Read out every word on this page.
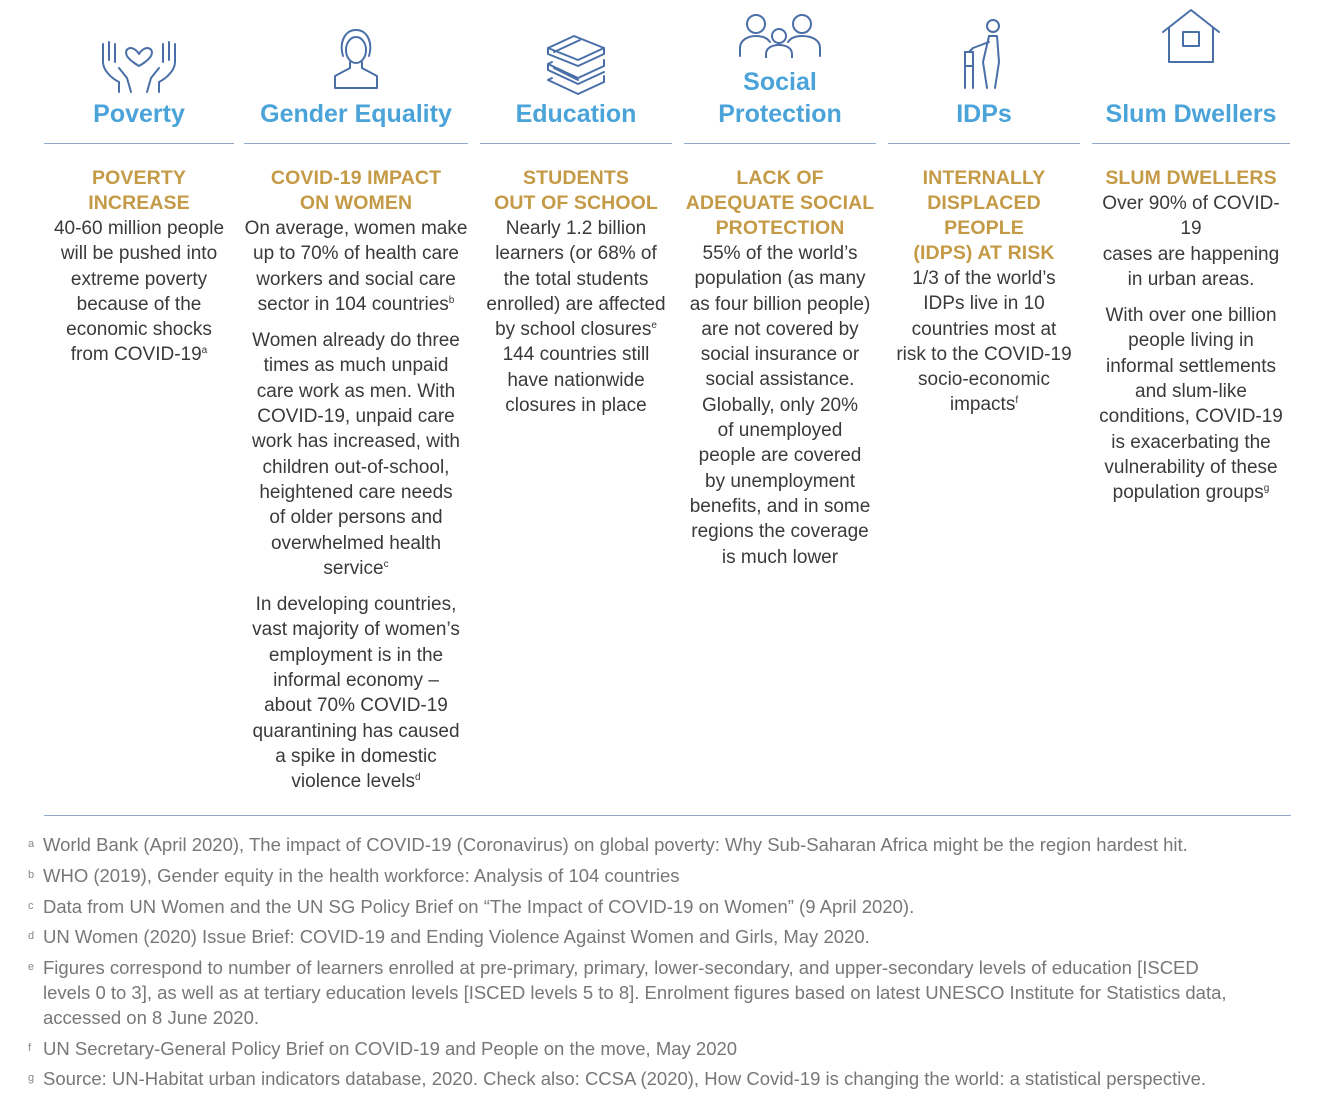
Poverty
POVERTY
INCREASE

40-60 million people
will be pushed into
extreme poverty
because of the
economic shocks
from COVID-19$^a$

Gender Equality
COVID-19 IMPACT
ON WOMEN

On average, women make
up to 70% of health care
workers and social care
sector in 104 countries$^b$

Women already do three
times as much unpaid
care work as men. With
COVID-19, unpaid care
work has increased, with
children out-of-school,
heightened care needs
of older persons and
overwhelmed health
service$^c$

In developing countries,
vast majority of women’s
employment is in the
informal economy –
about 70% COVID-19
quarantining has caused
a spike in domestic
violence levels$^d$

Education
STUDENTS
OUT OF SCHOOL

Nearly 1.2 billion
learners (or 68% of
the total students
enrolled) are affected
by school closures$^e$
144 countries still
have nationwide
closures in place

Social Protection
LACK OF
ADEQUATE SOCIAL
PROTECTION

55% of the world’s
population (as many
as four billion people)
are not covered by
social insurance or
social assistance.
Globally, only 20%
of unemployed
people are covered
by unemployment
benefits, and in some
regions the coverage
is much lower

IDPs
INTERNALLY
DISPLACED PEOPLE
(IDPS) AT RISK

1/3 of the world’s
IDPs live in 10
countries most at
risk to the COVID-19
socio-economic
impacts$^f$

Slum Dwellers
SLUM DWELLERS

Over 90% of COVID-19
cases are happening
in urban areas.

With over one billion
people living in
informal settlements
and slum-like
conditions, COVID-19
is exacerbating the
vulnerability of these
population groups$^g$

a World Bank (April 2020), The impact of COVID-19 (Coronavirus) on global poverty: Why Sub-Saharan Africa might be the region hardest hit.
b WHO (2019), Gender equity in the health workforce: Analysis of 104 countries
c Data from UN Women and the UN SG Policy Brief on “The Impact of COVID-19 on Women” (9 April 2020).
d UN Women (2020) Issue Brief: COVID-19 and Ending Violence Against Women and Girls, May 2020.
e Figures correspond to number of learners enrolled at pre-primary, primary, lower-secondary, and upper-secondary levels of education [ISCED
levels 0 to 3], as well as at tertiary education levels [ISCED levels 5 to 8]. Enrolment figures based on latest UNESCO Institute for Statistics data,
accessed on 8 June 2020.
f UN Secretary-General Policy Brief on COVID-19 and People on the move, May 2020
g Source: UN-Habitat urban indicators database, 2020. Check also: CCSA (2020), How Covid-19 is changing the world: a statistical perspective.
